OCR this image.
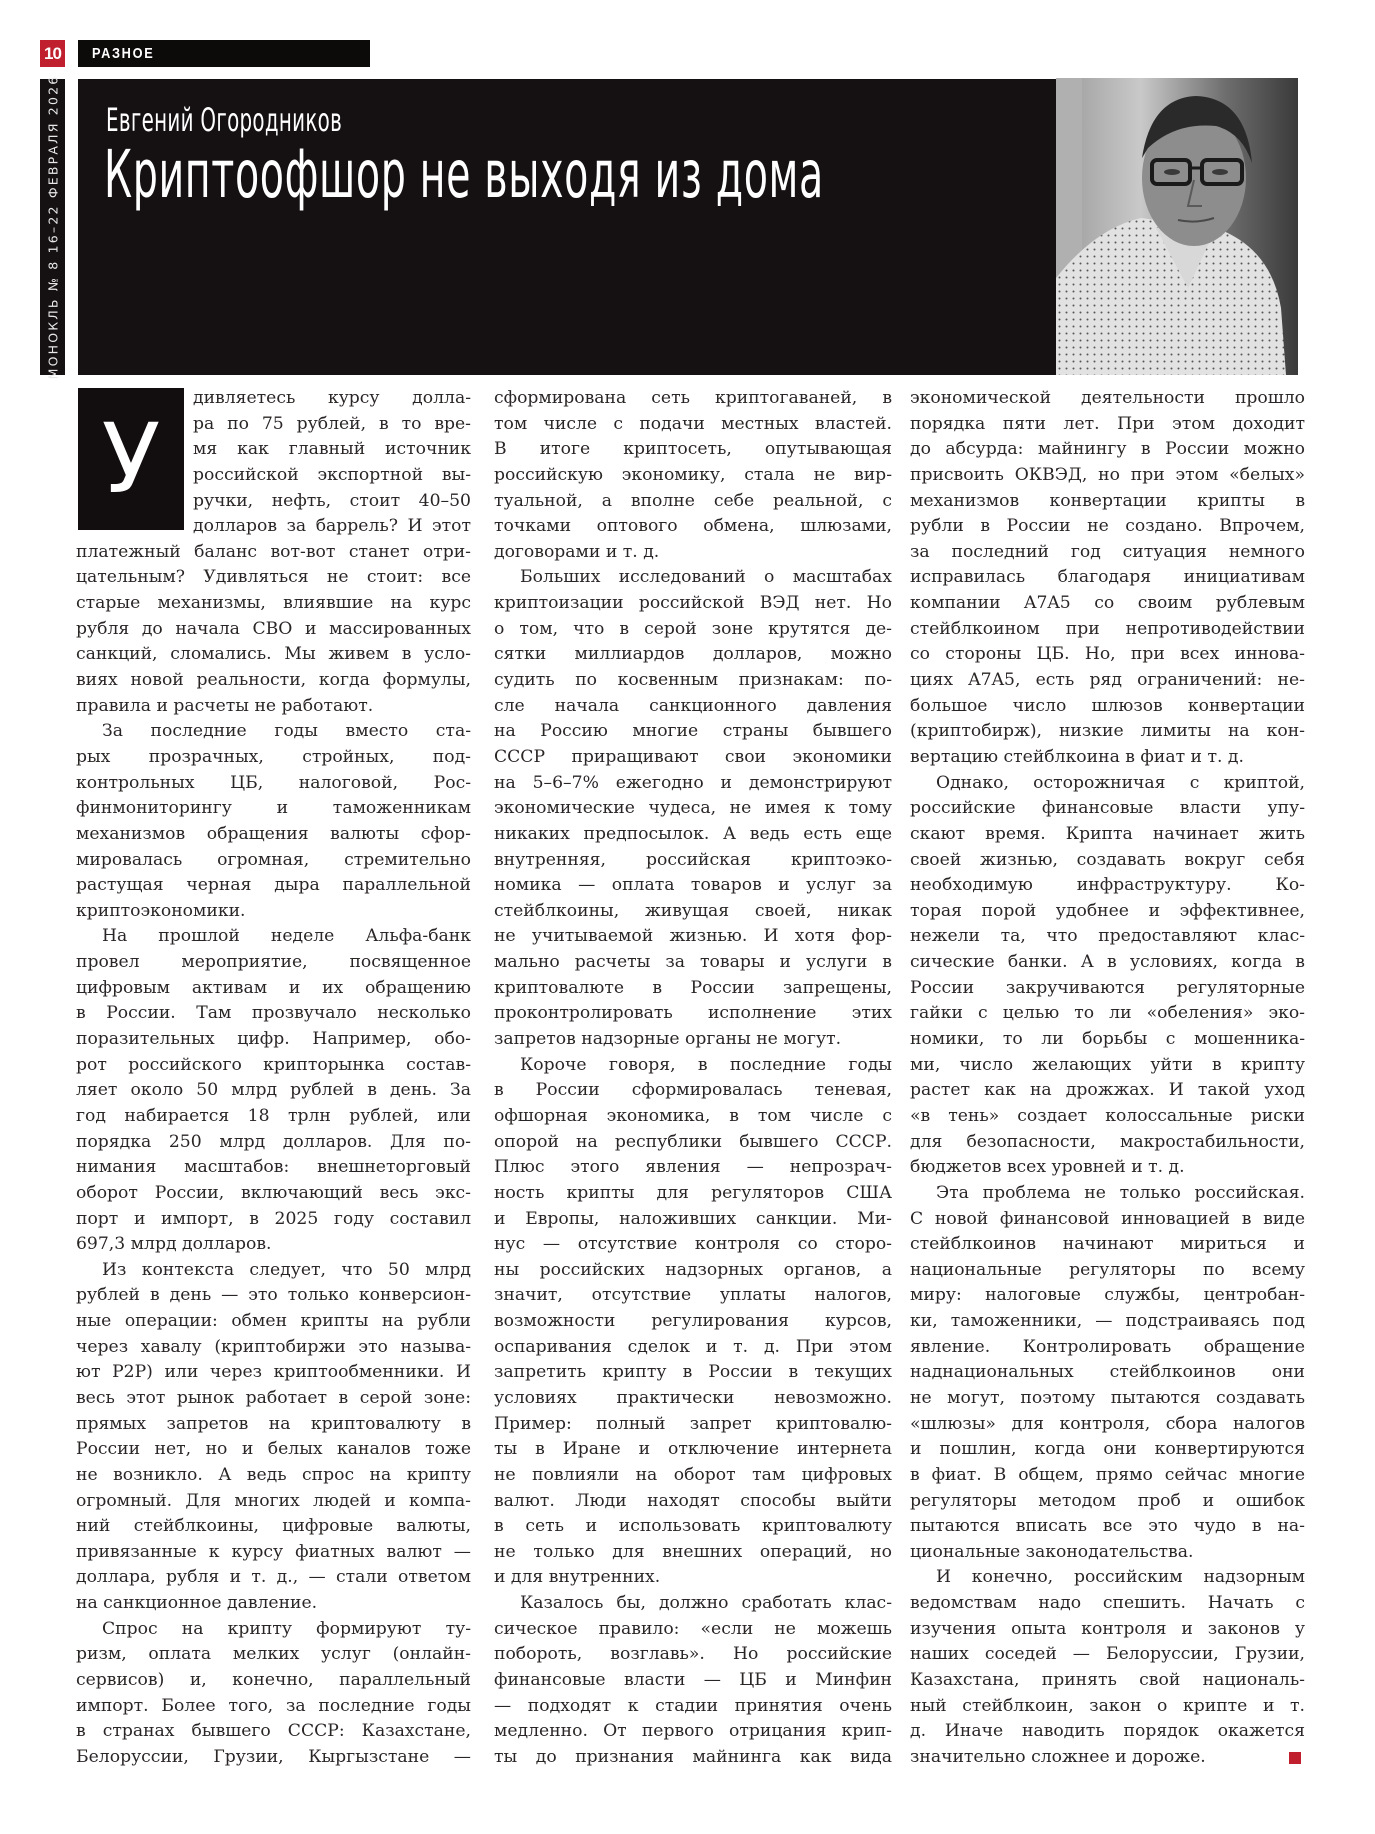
10 РАЗНОЕ
МОНОКЛЬ № 8 16–22 ФЕВРАЛЯ 2026 Евгений Огородников
Криптоофшор не выходя из дома
У
дивляетесь курсу долла-
ра по 75 рублей, в то вре-
мя как главный источник
российской экспортной вы-
ручки, нефть, стоит 40–50
долларов за баррель? И этот
платежный баланс вот-вот станет отри-
цательным? Удивляться не стоит: все
старые механизмы, влиявшие на курс
рубля до начала СВО и массированных
санкций, сломались. Мы живем в усло-
виях новой реальности, когда формулы,
правила и расчеты не работают.
За последние годы вместо ста-
рых прозрачных, стройных, под-
контрольных ЦБ, налоговой, Рос-
финмониторингу и таможенникам
механизмов обращения валюты сфор-
мировалась огромная, стремительно
растущая черная дыра параллельной
криптоэкономики.
На прошлой неделе Альфа-банк
провел мероприятие, посвященное
цифровым активам и их обращению
в России. Там прозвучало несколько
поразительных цифр. Например, обо-
рот российского крипторынка состав-
ляет около 50 млрд рублей в день. За
год набирается 18 трлн рублей, или
порядка 250 млрд долларов. Для по-
нимания масштабов: внешнеторговый
оборот России, включающий весь экс-
порт и импорт, в 2025 году составил
697,3 млрд долларов.
Из контекста следует, что 50 млрд
рублей в день — это только конверсион-
ные операции: обмен крипты на рубли
через хавалу (криптобиржи это называ-
ют P2P) или через криптообменники. И
весь этот рынок работает в серой зоне:
прямых запретов на криптовалюту в
России нет, но и белых каналов тоже
не возникло. А ведь спрос на крипту
огромный. Для многих людей и компа-
ний стейблкоины, цифровые валюты,
привязанные к курсу фиатных валют —
доллара, рубля и т. д., — стали ответом
на санкционное давление.
Спрос на крипту формируют ту-
ризм, оплата мелких услуг (онлайн-
сервисов) и, конечно, параллельный
импорт. Более того, за последние годы
в странах бывшего СССР: Казахстане,
Белоруссии, Грузии, Кыргызстане —
сформирована сеть криптогаваней, в
том числе с подачи местных властей.
В итоге криптосеть, опутывающая
российскую экономику, стала не вир-
туальной, а вполне себе реальной, с
точками оптового обмена, шлюзами,
договорами и т. д.
Больших исследований о масштабах
криптоизации российской ВЭД нет. Но
о том, что в серой зоне крутятся де-
сятки миллиардов долларов, можно
судить по косвенным признакам: по-
сле начала санкционного давления
на Россию многие страны бывшего
СССР приращивают свои экономики
на 5–6–7% ежегодно и демонстрируют
экономические чудеса, не имея к тому
никаких предпосылок. А ведь есть еще
внутренняя, российская криптоэко-
номика — оплата товаров и услуг за
стейблкоины, живущая своей, никак
не учитываемой жизнью. И хотя фор-
мально расчеты за товары и услуги в
криптовалюте в России запрещены,
проконтролировать исполнение этих
запретов надзорные органы не могут.
Короче говоря, в последние годы
в России сформировалась теневая,
офшорная экономика, в том числе с
опорой на республики бывшего СССР.
Плюс этого явления — непрозрач-
ность крипты для регуляторов США
и Европы, наложивших санкции. Ми-
нус — отсутствие контроля со сторо-
ны российских надзорных органов, а
значит, отсутствие уплаты налогов,
возможности регулирования курсов,
оспаривания сделок и т. д. При этом
запретить крипту в России в текущих
условиях практически невозможно.
Пример: полный запрет криптовалю-
ты в Иране и отключение интернета
не повлияли на оборот там цифровых
валют. Люди находят способы выйти
в сеть и использовать криптовалюту
не только для внешних операций, но
и для внутренних.
Казалось бы, должно сработать клас-
сическое правило: «если не можешь
побороть, возглавь». Но российские
финансовые власти — ЦБ и Минфин
— подходят к стадии принятия очень
медленно. От первого отрицания крип-
ты до признания майнинга как вида
экономической деятельности прошло
порядка пяти лет. При этом доходит
до абсурда: майнингу в России можно
присвоить ОКВЭД, но при этом «белых»
механизмов конвертации крипты в
рубли в России не создано. Впрочем,
за последний год ситуация немного
исправилась благодаря инициативам
компании A7A5 со своим рублевым
стейблкоином при непротиводействии
со стороны ЦБ. Но, при всех иннова-
циях A7A5, есть ряд ограничений: не-
большое число шлюзов конвертации
(криптобирж), низкие лимиты на кон-
вертацию стейблкоина в фиат и т. д.
Однако, осторожничая с криптой,
российские финансовые власти упу-
скают время. Крипта начинает жить
своей жизнью, создавать вокруг себя
необходимую инфраструктуру. Ко-
торая порой удобнее и эффективнее,
нежели та, что предоставляют клас-
сические банки. А в условиях, когда в
России закручиваются регуляторные
гайки с целью то ли «обеления» эко-
номики, то ли борьбы с мошенника-
ми, число желающих уйти в крипту
растет как на дрожжах. И такой уход
«в тень» создает колоссальные риски
для безопасности, макростабильности,
бюджетов всех уровней и т. д.
Эта проблема не только российская.
С новой финансовой инновацией в виде
стейблкоинов начинают мириться и
национальные регуляторы по всему
миру: налоговые службы, центробан-
ки, таможенники, — подстраиваясь под
явление. Контролировать обращение
наднациональных стейблкоинов они
не могут, поэтому пытаются создавать
«шлюзы» для контроля, сбора налогов
и пошлин, когда они конвертируются
в фиат. В общем, прямо сейчас многие
регуляторы методом проб и ошибок
пытаются вписать все это чудо в на-
циональные законодательства.
И конечно, российским надзорным
ведомствам надо спешить. Начать с
изучения опыта контроля и законов у
наших соседей — Белоруссии, Грузии,
Казахстана, принять свой националь-
ный стейблкоин, закон о крипте и т.
д. Иначе наводить порядок окажется
значительно сложнее и дороже.
